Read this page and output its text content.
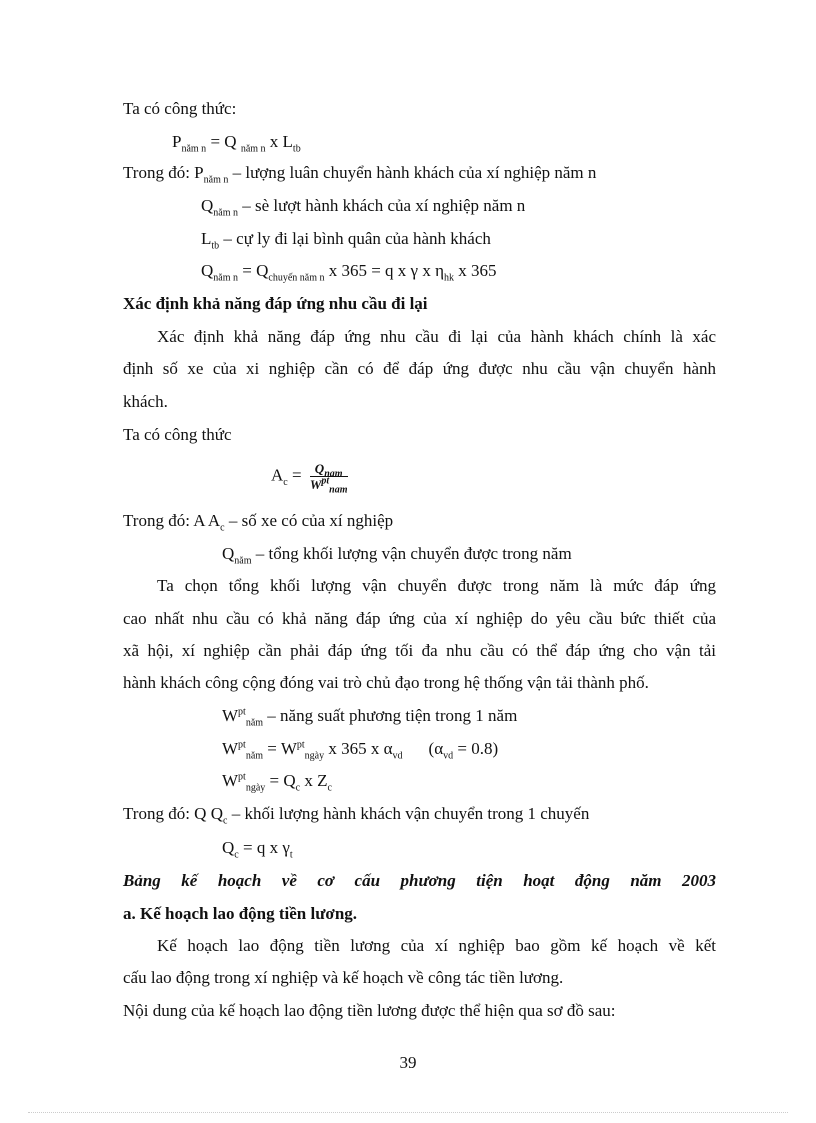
Ta có công thức:
$P_{năm n} = Q$ $_{năm n}$ x $L_{tb}$
Trong đó: $P_{năm n}$ – lượng luân chuyển hành khách của xí nghiệp năm n
$Q_{năm n}$ – sè lượt hành khách của xí nghiệp năm n
$L_{tb}$ – cự ly đi lại bình quân của hành khách
$Q_{năm n} = Q_{chuyến năm n}$ x 365 = q x γ x $\eta_{hk}$ x 365
Xác định khả năng đáp ứng nhu cầu đi lại
Xác định khả năng đáp ứng nhu cầu đi lại của hành khách chính là xác
định số xe của xi nghiệp cần có để đáp ứng được nhu cầu vận chuyển hành
khách.
Ta có công thức
$A_c = \frac{Q_{nam}}{W^{pt}_{nam}}$
Trong đó: A $A_c$ – số xe có của xí nghiệp
$Q_{năm}$ – tổng khối lượng vận chuyển được trong năm
Ta chọn tổng khối lượng vận chuyển được trong năm là mức đáp ứng
cao nhất nhu cầu có khả năng đáp ứng của xí nghiệp do yêu cầu bức thiết của
xã hội, xí nghiệp cần phải đáp ứng tối đa nhu cầu có thể đáp ứng cho vận tải
hành khách công cộng đóng vai trò chủ đạo trong hệ thống vận tải thành phố.
$W^{pt}_{năm}$ – năng suất phương tiện trong 1 năm
$W^{pt}_{năm} = W^{pt}_{ngày}$ x 365 x $\alpha_{vd}$ $(\alpha_{vd} = 0.8)$
$W^{pt}_{ngày} = Q_c$ x $Z_c$
Trong đó: Q $Q_c$ – khối lượng hành khách vận chuyển trong 1 chuyến
$Q_c = q$ x $\gamma_t$
Bảng kế hoạch về cơ cấu phương tiện hoạt động năm 2003
a. Kế hoạch lao động tiền lương.
Kế hoạch lao động tiền lương của xí nghiệp bao gồm kế hoạch về kết
cấu lao động trong xí nghiệp và kế hoạch về công tác tiền lương.
Nội dung của kế hoạch lao động tiền lương được thể hiện qua sơ đồ sau:
39
